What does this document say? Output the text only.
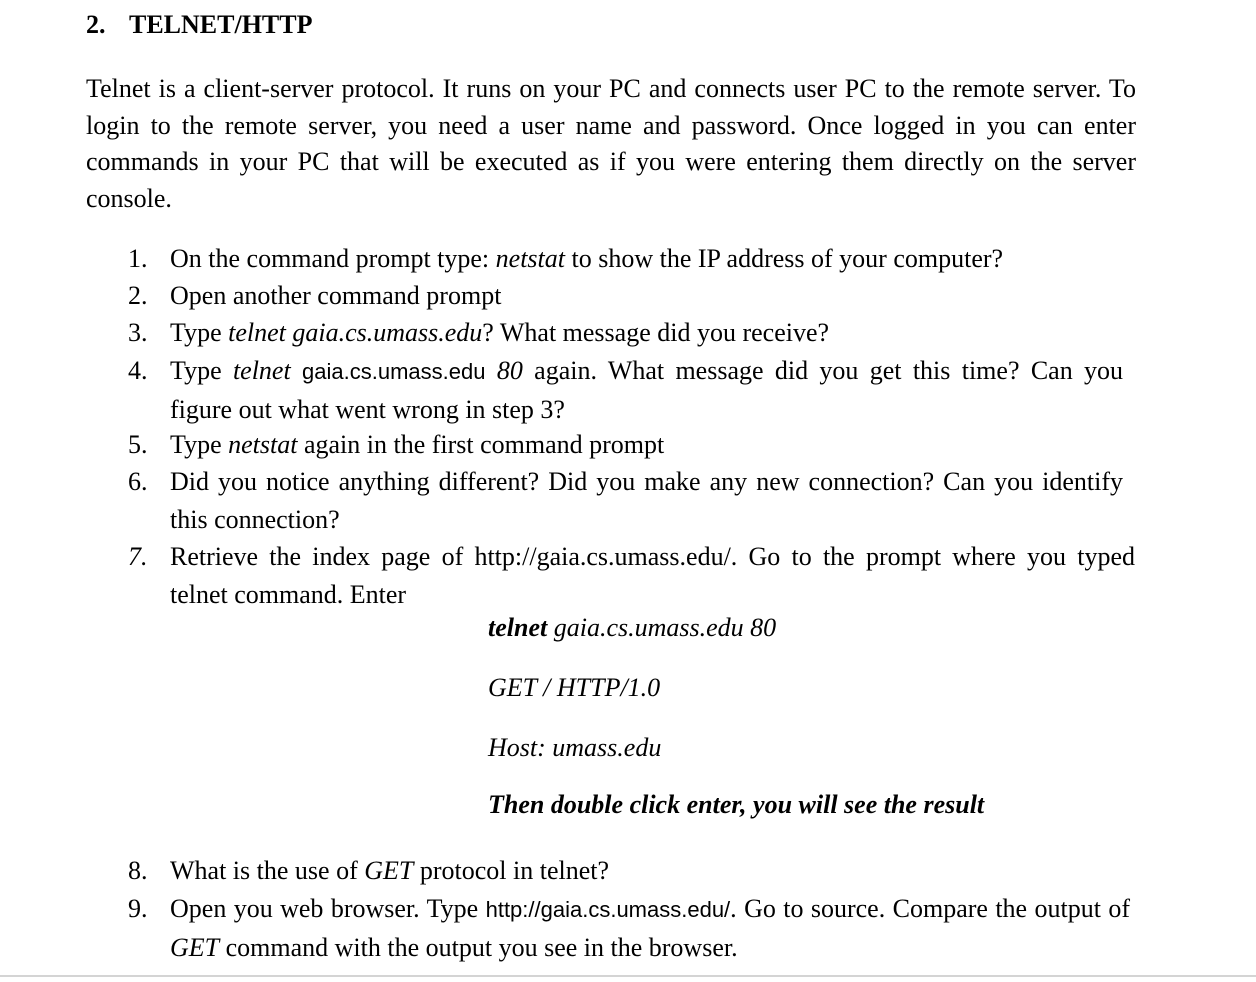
2. TELNET/HTTP

Telnet is a client-server protocol. It runs on your PC and connects user PC to the remote server. To login to the remote server, you need a user name and password. Once logged in you can enter commands in your PC that will be executed as if you were entering them directly on the server console.

1. On the command prompt type: netstat to show the IP address of your computer?
2. Open another command prompt
3. Type telnet gaia.cs.umass.edu? What message did you receive?
4. Type telnet gaia.cs.umass.edu 80 again. What message did you get this time? Can you figure out what went wrong in step 3?
5. Type netstat again in the first command prompt
6. Did you notice anything different? Did you make any new connection? Can you identify this connection?
7. Retrieve the index page of http://gaia.cs.umass.edu/. Go to the prompt where you typed telnet command. Enter
telnet gaia.cs.umass.edu 80
GET / HTTP/1.0
Host: umass.edu
Then double click enter, you will see the result
8. What is the use of GET protocol in telnet?
9. Open you web browser. Type http://gaia.cs.umass.edu/. Go to source. Compare the output of GET command with the output you see in the browser.
